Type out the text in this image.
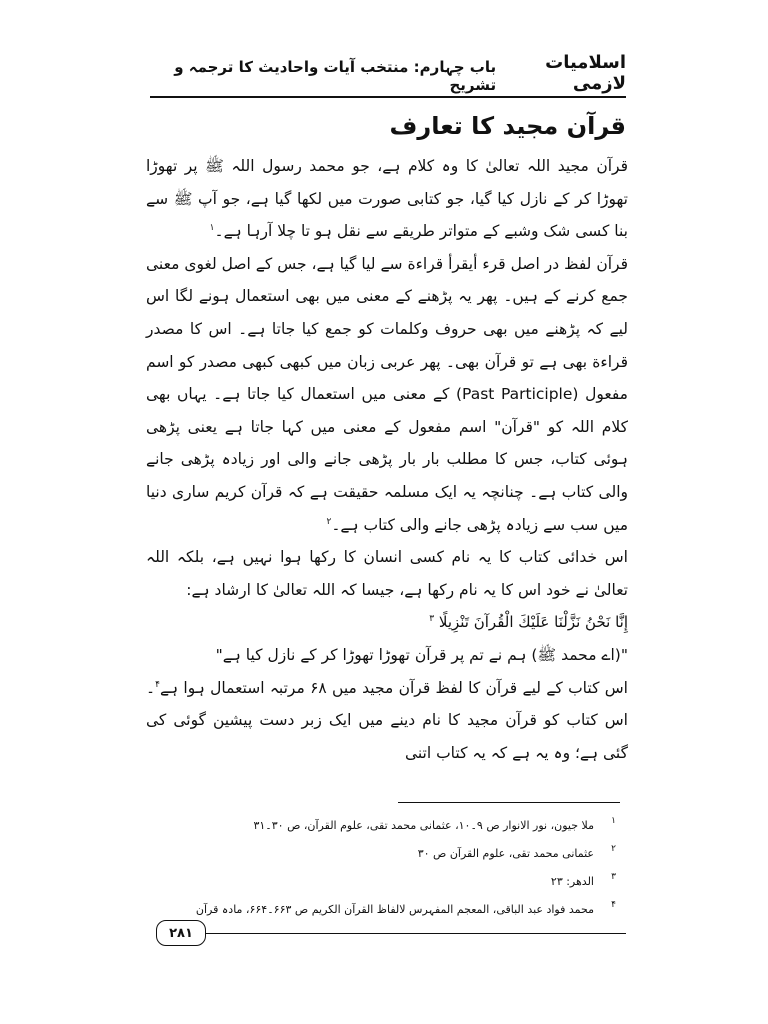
اسلامیات لازمی
باب چہارم: منتخب آیات واحادیث کا ترجمہ و تشریح
قرآن مجید کا تعارف

قرآن مجید اللہ تعالیٰ کا وہ کلام ہے، جو محمد رسول اللہ ﷺ پر تھوڑا تھوڑا کر کے نازل کیا گیا، جو کتابی صورت میں لکھا گیا ہے، جو آپ ﷺ سے بنا کسی شک وشبے کے متواتر طریقے سے نقل ہو تا چلا آرہا ہے۔$^۱$

قرآن لفظ در اصل قرء أيقرأ قراءة سے لیا گیا ہے، جس کے اصل لغوی معنی جمع کرنے کے ہیں۔ پھر یہ پڑھنے کے معنی میں بھی استعمال ہونے لگا اس لیے کہ پڑھنے میں بھی حروف وکلمات کو جمع کیا جاتا ہے۔ اس کا مصدر قراءة بھی ہے تو قرآن بھی۔ پھر عربی زبان میں کبھی کبھی مصدر کو اسم مفعول (Past Participle) کے معنی میں استعمال کیا جاتا ہے۔ یہاں بھی کلام اللہ کو "قرآن" اسم مفعول کے معنی میں کہا جاتا ہے یعنی پڑھی ہوئی کتاب، جس کا مطلب بار بار پڑھی جانے والی اور زیادہ پڑھی جانے والی کتاب ہے۔ چنانچہ یہ ایک مسلمہ حقیقت ہے کہ قرآن کریم ساری دنیا میں سب سے زیادہ پڑھی جانے والی کتاب ہے۔$^۲$

اس خدائی کتاب کا یہ نام کسی انسان کا رکھا ہوا نہیں ہے، بلکہ اللہ تعالیٰ نے خود اس کا یہ نام رکھا ہے، جیسا کہ اللہ تعالیٰ کا ارشاد ہے:

إِنَّا نَحْنُ نَزَّلْنَا عَلَيْكَ الْقُرآنَ تَنْزِيلًا $^۳$

"(اے محمد ﷺ) ہم نے تم پر قرآن تھوڑا تھوڑا کر کے نازل کیا ہے"

اس کتاب کے لیے قرآن کا لفظ قرآن مجید میں ۶۸ مرتبہ استعمال ہوا ہے$^۴$۔ اس کتاب کو قرآن مجید کا نام دینے میں ایک زبر دست پیشین گوئی کی گئی ہے؛ وہ یہ ہے کہ یہ کتاب اتنی

۱ملا جیون، نور الانوار ص ۹۔۱۰، عثمانی محمد تقی، علوم القرآن، ص ۳۰۔۳۱

۲عثمانی محمد تقی، علوم القرآن ص ۳۰

۳الدھر: ۲۳

۴محمد فواد عبد الباقی، المعجم المفہرس لالفاظ القرآن الکریم ص ۶۶۳۔۶۶۴، مادہ قرآن

۲۸۱
